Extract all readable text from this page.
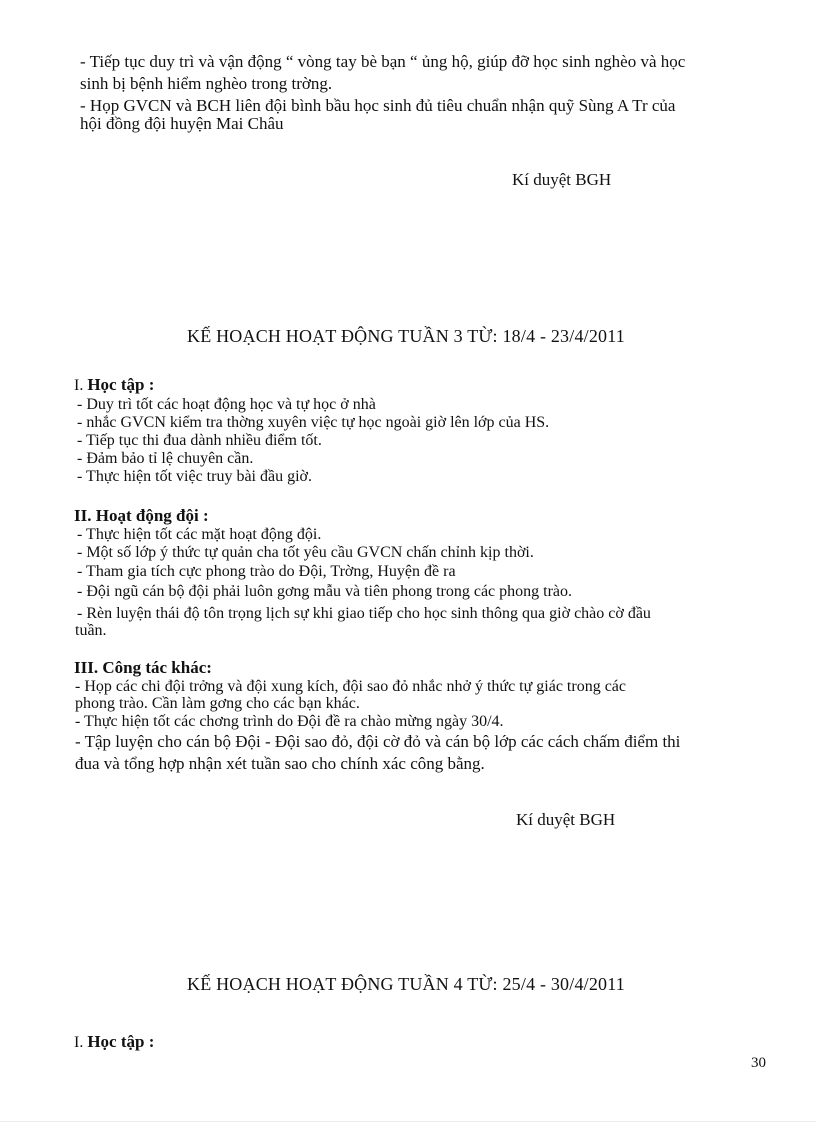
- Tiếp tục duy trì và vận động “ vòng tay bè bạn “ ủng hộ, giúp đỡ học sinh nghèo và học
sinh bị bệnh hiểm nghèo trong trờng.
- Họp GVCN và BCH liên đội bình bầu học sinh đủ tiêu chuẩn nhận quỹ Sùng A Tr của
hội đồng đội huyện Mai Châu
Kí duyệt BGH
KẾ HOẠCH HOẠT ĐỘNG TUẦN 3 TỪ: 18/4 - 23/4/2011
I. Học tập :
- Duy trì tốt các hoạt động học và tự học ở nhà
- nhắc GVCN kiểm tra thờng xuyên việc tự học ngoài giờ lên lớp của HS.
- Tiếp tục thi đua dành nhiều điểm tốt.
- Đảm bảo tỉ lệ chuyên cần.
- Thực hiện tốt việc truy bài đầu giờ.
II. Hoạt động đội :
- Thực hiện tốt các mặt hoạt động đội.
- Một số lớp ý thức tự quản cha tốt yêu cầu GVCN chấn chỉnh kịp thời.
- Tham gia tích cực phong trào do Đội, Trờng, Huyện đề ra
- Đội ngũ cán bộ đội phải luôn gơng mẫu và tiên phong trong các phong trào.
- Rèn luyện thái độ tôn trọng lịch sự khi giao tiếp cho học sinh thông qua giờ chào cờ đầu
tuần.
III. Công tác khác:
- Họp các chi đội trởng và đội xung kích, đội sao đỏ nhắc nhở ý thức tự giác trong các
phong trào. Cần làm gơng cho các bạn khác.
- Thực hiện tốt các chơng trình do Đội đề ra chào mừng ngày 30/4.
- Tập luyện cho cán bộ Đội - Đội sao đỏ, đội cờ đỏ và cán bộ lớp các cách chấm điểm thi
đua và tổng hợp nhận xét tuần sao cho chính xác công bằng.
Kí duyệt BGH
KẾ HOẠCH HOẠT ĐỘNG TUẦN 4 TỪ: 25/4 - 30/4/2011
I. Học tập :
30
